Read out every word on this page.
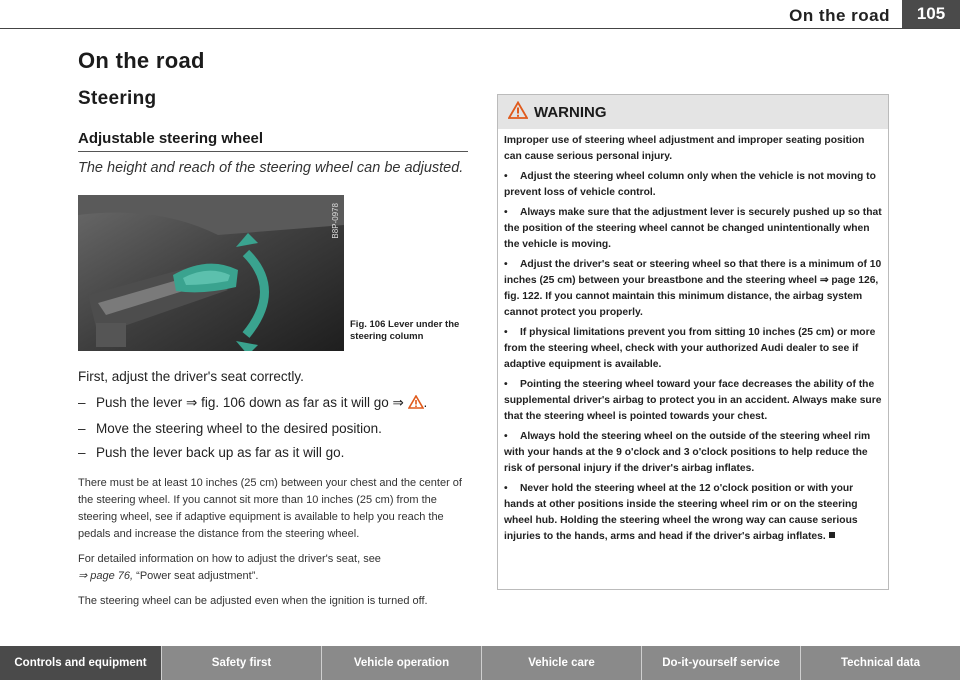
On the road	105
On the road
Steering
Adjustable steering wheel
The height and reach of the steering wheel can be adjusted.
B8P-0978
Fig. 106 Lever under the steering column
First, adjust the driver's seat correctly.
– Push the lever ⇒ fig. 106 down as far as it will go ⇒ .
– Move the steering wheel to the desired position.
– Push the lever back up as far as it will go.
There must be at least 10 inches (25 cm) between your chest and the center of the steering wheel. If you cannot sit more than 10 inches (25 cm) from the steering wheel, see if adaptive equipment is available to help you reach the pedals and increase the distance from the steering wheel.
For detailed information on how to adjust the driver's seat, see
⇒ page 76, “Power seat adjustment”.
The steering wheel can be adjusted even when the ignition is turned off.
WARNING
Improper use of steering wheel adjustment and improper seating position can cause serious personal injury.
• Adjust the steering wheel column only when the vehicle is not moving to prevent loss of vehicle control.
• Always make sure that the adjustment lever is securely pushed up so that the position of the steering wheel cannot be changed unintentionally when the vehicle is moving.
• Adjust the driver's seat or steering wheel so that there is a minimum of 10 inches (25 cm) between your breastbone and the steering wheel ⇒ page 126, fig. 122. If you cannot maintain this minimum distance, the airbag system cannot protect you properly.
• If physical limitations prevent you from sitting 10 inches (25 cm) or more from the steering wheel, check with your authorized Audi dealer to see if adaptive equipment is available.
• Pointing the steering wheel toward your face decreases the ability of the supplemental driver's airbag to protect you in an accident. Always make sure that the steering wheel is pointed towards your chest.
• Always hold the steering wheel on the outside of the steering wheel rim with your hands at the 9 o'clock and 3 o'clock positions to help reduce the risk of personal injury if the driver's airbag inflates.
• Never hold the steering wheel at the 12 o'clock position or with your hands at other positions inside the steering wheel rim or on the steering wheel hub. Holding the steering wheel the wrong way can cause serious injuries to the hands, arms and head if the driver's airbag inflates.
Controls and equipment	Safety first	Vehicle operation	Vehicle care	Do-it-yourself service	Technical data
